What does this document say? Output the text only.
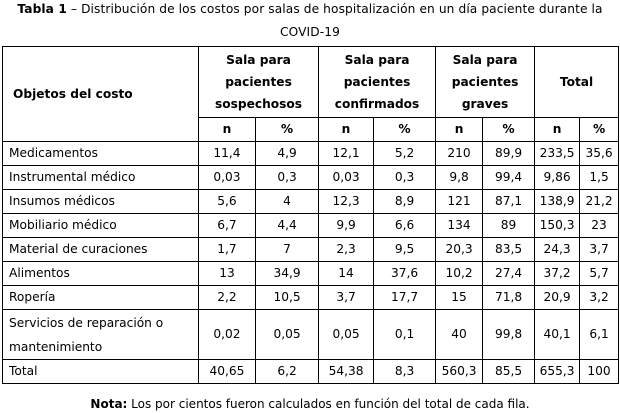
Tabla 1 – Distribución de los costos por salas de hospitalización en un día paciente durante la COVID-19
Objetos del costo	Sala para pacientes sospechosos		Sala para pacientes confirmados		Sala para pacientes graves		Total	
	n	%	n	%	n	%	n	%
Medicamentos	11,4	4,9	12,1	5,2	210	89,9	233,5	35,6
Instrumental médico	0,03	0,3	0,03	0,3	9,8	99,4	9,86	1,5
Insumos médicos	5,6	4	12,3	8,9	121	87,1	138,9	21,2
Mobiliario médico	6,7	4,4	9,9	6,6	134	89	150,3	23
Material de curaciones	1,7	7	2,3	9,5	20,3	83,5	24,3	3,7
Alimentos	13	34,9	14	37,6	10,2	27,4	37,2	5,7
Ropería	2,2	10,5	3,7	17,7	15	71,8	20,9	3,2
Servicios de reparación o mantenimiento	0,02	0,05	0,05	0,1	40	99,8	40,1	6,1
Total	40,65	6,2	54,38	8,3	560,3	85,5	655,3	100
Nota: Los por cientos fueron calculados en función del total de cada fila.
